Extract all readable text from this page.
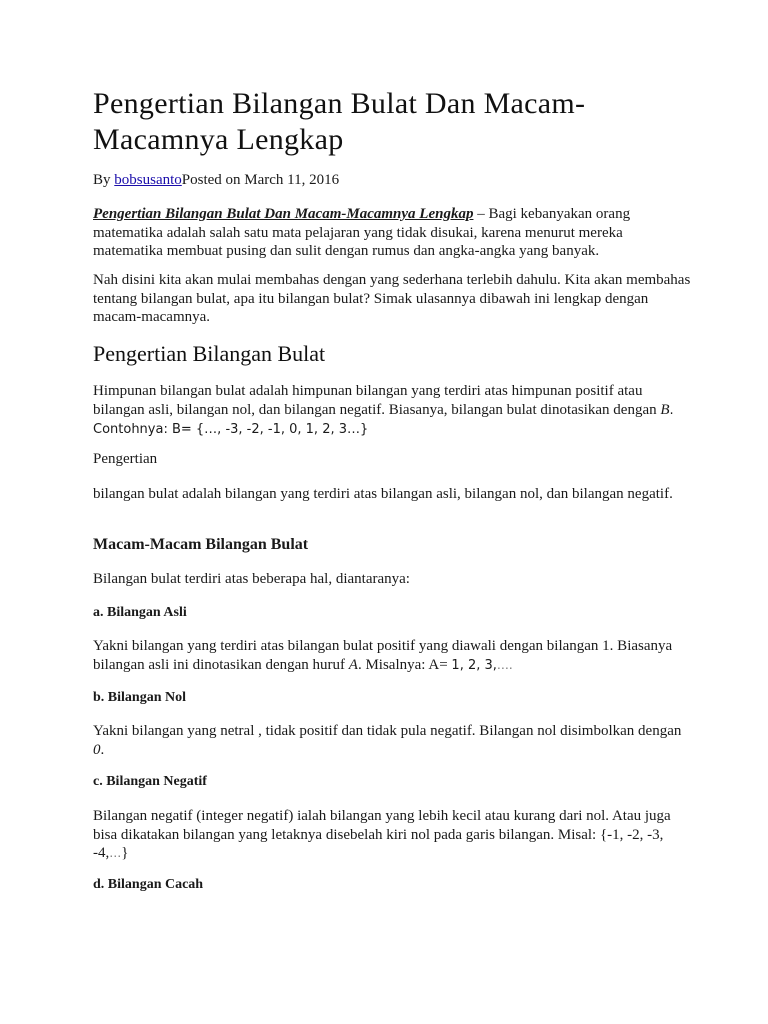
Pengertian Bilangan Bulat Dan Macam-Macamnya Lengkap
By bobsusantoPosted on March 11, 2016

Pengertian Bilangan Bulat Dan Macam-Macamnya Lengkap – Bagi kebanyakan orang matematika adalah salah satu mata pelajaran yang tidak disukai, karena menurut mereka matematika membuat pusing dan sulit dengan rumus dan angka-angka yang banyak.

Nah disini kita akan mulai membahas dengan yang sederhana terlebih dahulu. Kita akan membahas tentang bilangan bulat, apa itu bilangan bulat? Simak ulasannya dibawah ini lengkap dengan macam-macamnya.

Pengertian Bilangan Bulat

Himpunan bilangan bulat adalah himpunan bilangan yang terdiri atas himpunan positif atau bilangan asli, bilangan nol, dan bilangan negatif. Biasanya, bilangan bulat dinotasikan dengan B. Contohnya: B= {…, -3, -2, -1, 0, 1, 2, 3…}

Pengertian

bilangan bulat adalah bilangan yang terdiri atas bilangan asli, bilangan nol, dan bilangan negatif.

Macam-Macam Bilangan Bulat

Bilangan bulat terdiri atas beberapa hal, diantaranya:

a. Bilangan Asli

Yakni bilangan yang terdiri atas bilangan bulat positif yang diawali dengan bilangan 1. Biasanya bilangan asli ini dinotasikan dengan huruf A. Misalnya: A= 1, 2, 3,….

b. Bilangan Nol

Yakni bilangan yang netral , tidak positif dan tidak pula negatif. Bilangan nol disimbolkan dengan 0.

c. Bilangan Negatif

Bilangan negatif (integer negatif) ialah bilangan yang lebih kecil atau kurang dari nol. Atau juga bisa dikatakan bilangan yang letaknya disebelah kiri nol pada garis bilangan. Misal: {-1, -2, -3, -4,…}

d. Bilangan Cacah
